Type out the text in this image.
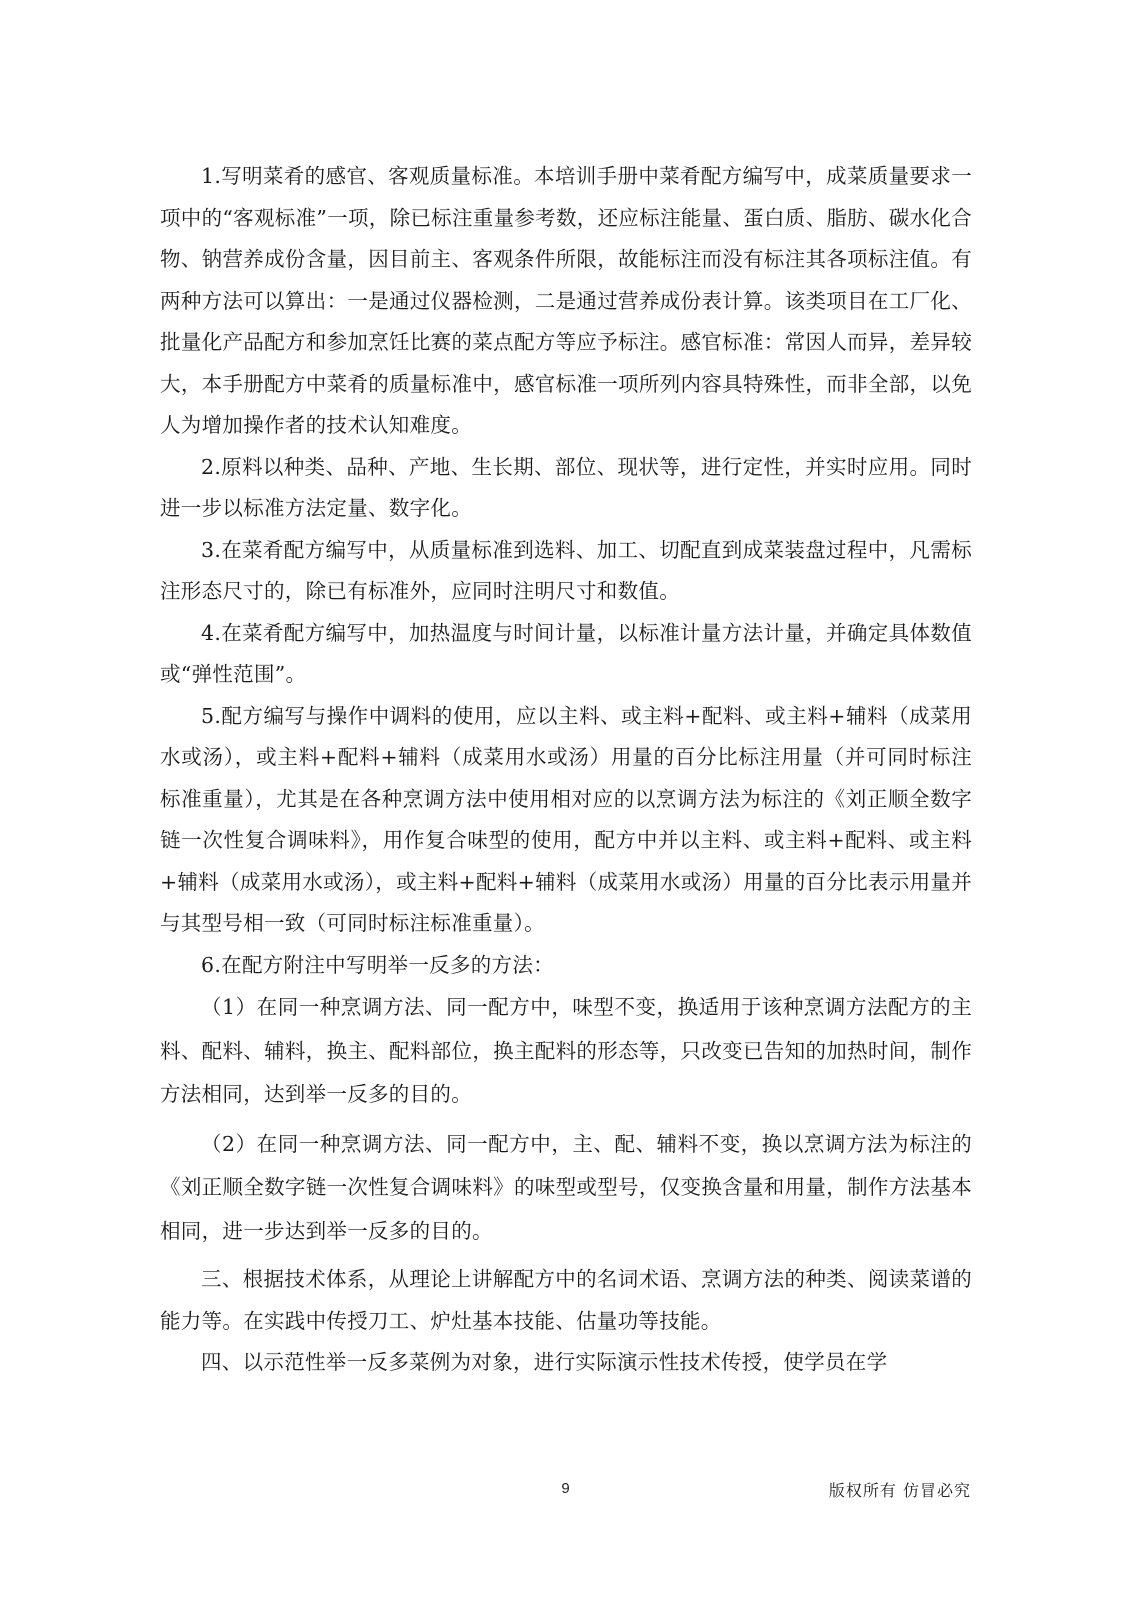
1.写明菜肴的感官、客观质量标准。本培训手册中菜肴配方编写中，成菜质量要求一项中的“客观标准”一项，除已标注重量参考数，还应标注能量、蛋白质、脂肪、碳水化合物、钠营养成份含量，因目前主、客观条件所限，故能标注而没有标注其各项标注值。有两种方法可以算出：一是通过仪器检测，二是通过营养成份表计算。该类项目在工厂化、批量化产品配方和参加烹饪比赛的菜点配方等应予标注。感官标准：常因人而异，差异较大，本手册配方中菜肴的质量标准中，感官标准一项所列内容具特殊性，而非全部，以免人为增加操作者的技术认知难度。

2.原料以种类、品种、产地、生长期、部位、现状等，进行定性，并实时应用。同时进一步以标准方法定量、数字化。

3.在菜肴配方编写中，从质量标准到选料、加工、切配直到成菜装盘过程中，凡需标注形态尺寸的，除已有标准外，应同时注明尺寸和数值。

4.在菜肴配方编写中，加热温度与时间计量，以标准计量方法计量，并确定具体数值或“弹性范围”。

5.配方编写与操作中调料的使用，应以主料、或主料+配料、或主料+辅料（成菜用水或汤），或主料+配料+辅料（成菜用水或汤）用量的百分比标注用量（并可同时标注标准重量），尤其是在各种烹调方法中使用相对应的以烹调方法为标注的《刘正顺全数字链一次性复合调味料》，用作复合味型的使用，配方中并以主料、或主料+配料、或主料+辅料（成菜用水或汤），或主料+配料+辅料（成菜用水或汤）用量的百分比表示用量并与其型号相一致（可同时标注标准重量）。

6.在配方附注中写明举一反多的方法：

（1）在同一种烹调方法、同一配方中，味型不变，换适用于该种烹调方法配方的主料、配料、辅料，换主、配料部位，换主配料的形态等，只改变已告知的加热时间，制作方法相同，达到举一反多的目的。

（2）在同一种烹调方法、同一配方中，主、配、辅料不变，换以烹调方法为标注的《刘正顺全数字链一次性复合调味料》的味型或型号，仅变换含量和用量，制作方法基本相同，进一步达到举一反多的目的。

三、根据技术体系，从理论上讲解配方中的名词术语、烹调方法的种类、阅读菜谱的能力等。在实践中传授刀工、炉灶基本技能、估量功等技能。

四、以示范性举一反多菜例为对象，进行实际演示性技术传授，使学员在学

9	版权所有 仿冒必究
